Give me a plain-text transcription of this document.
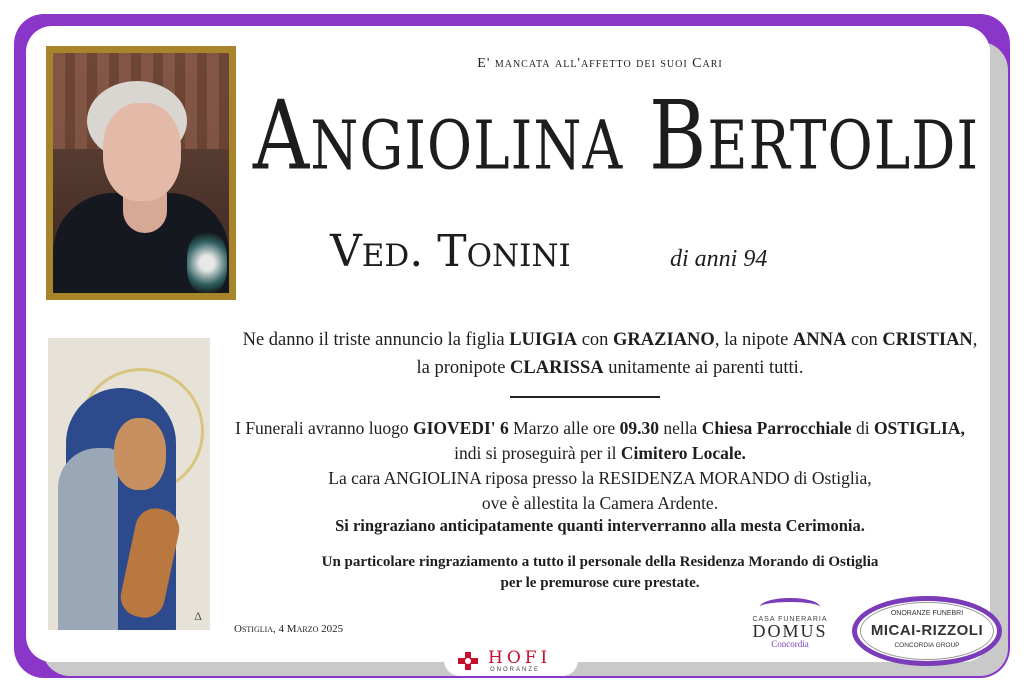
Δ
E' mancata all'affetto dei suoi Cari
Angiolina Bertoldi
Ved. Tonini	di anni 94
Ne danno il triste annuncio la figlia LUIGIA con GRAZIANO, la nipote ANNA con CRISTIAN,
la pronipote CLARISSA unitamente ai parenti tutti.
I Funerali avranno luogo GIOVEDI' 6 Marzo alle ore 09.30 nella Chiesa Parrocchiale di OSTIGLIA,
indi si proseguirà per il Cimitero Locale.
La cara ANGIOLINA riposa presso la RESIDENZA MORANDO di Ostiglia,
ove è allestita la Camera Ardente.
Si ringraziano anticipatamente quanti interverranno alla mesta Cerimonia.
Un particolare ringraziamento a tutto il personale della Residenza Morando di Ostiglia
per le premurose cure prestate.
Ostiglia, 4 Marzo 2025
CASA FUNERARIA
DOMUS
Concordia
ONORANZE FUNEBRI
MICAI-RIZZOLI
CONCORDIA GROUP
HOFI
ONORANZE
